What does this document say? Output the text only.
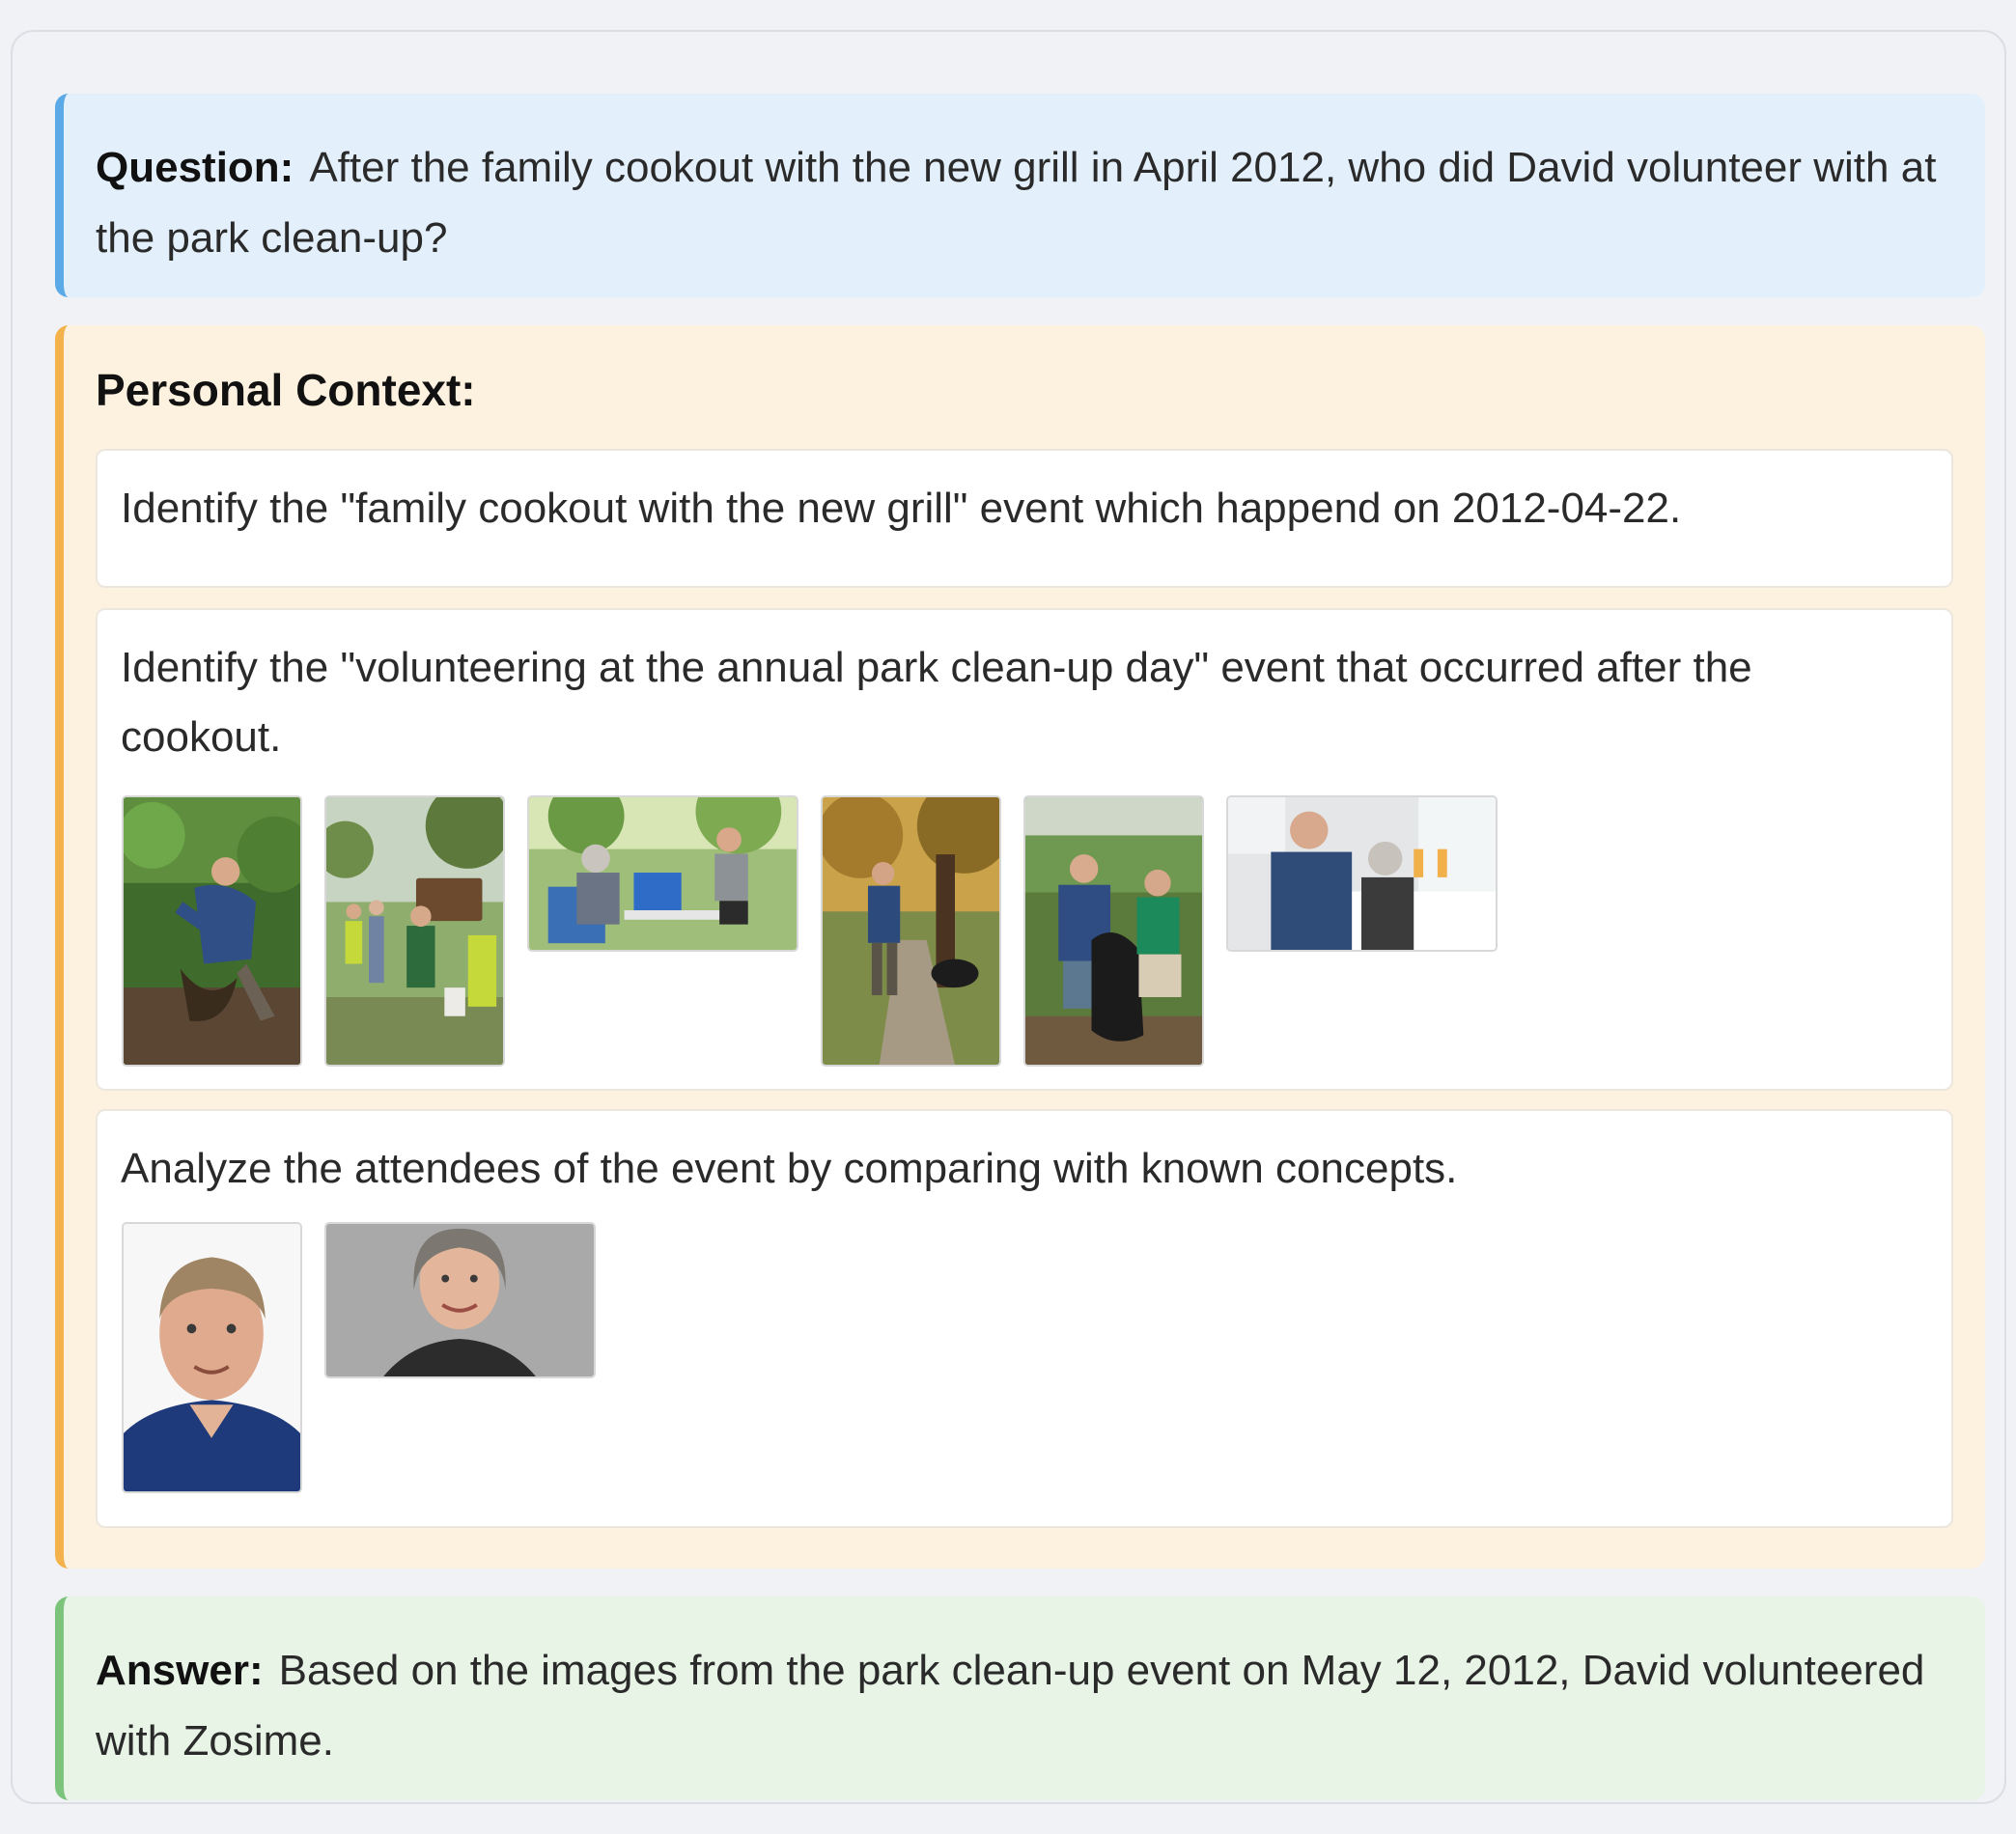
Question: After the family cookout with the new grill in April 2012, who did David volunteer with at the park clean-up?

Personal Context:

Identify the "family cookout with the new grill" event which happend on 2012-04-22.

Identify the "volunteering at the annual park clean-up day" event that occurred after the cookout.

Analyze the attendees of the event by comparing with known concepts.

Answer: Based on the images from the park clean-up event on May 12, 2012, David volunteered with Zosime.
